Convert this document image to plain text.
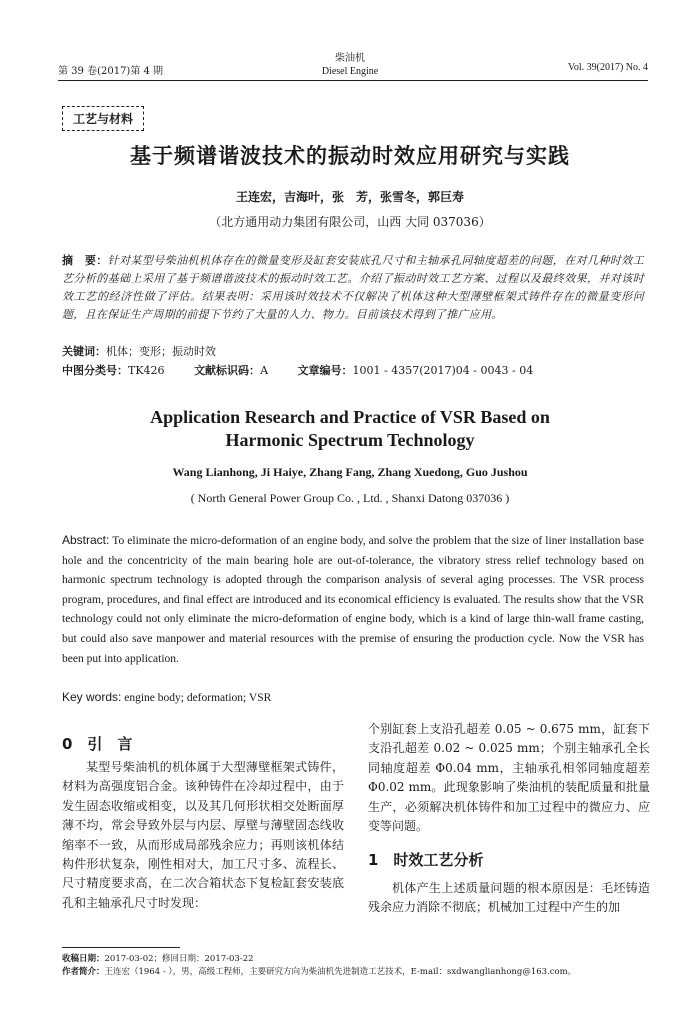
第 39 卷(2017)第 4 期
柴油机
Diesel Engine	Vol. 39(2017) No. 4
工艺与材料
基于频谱谐波技术的振动时效应用研究与实践
王连宏，吉海叶，张　芳，张雪冬，郭巨寿
（北方通用动力集团有限公司，山西 大同 037036）
摘　要：针对某型号柴油机机体存在的微量变形及缸套安装底孔尺寸和主轴承孔同轴度超差的问题，在对几种时效工艺分析的基础上采用了基于频谱谐波技术的振动时效工艺。介绍了振动时效工艺方案、过程以及最终效果，并对该时效工艺的经济性做了评估。结果表明：采用该时效技术不仅解决了机体这种大型薄壁框架式铸件存在的微量变形问题，且在保证生产周期的前提下节约了大量的人力、物力。目前该技术得到了推广应用。
关键词：机体；变形；振动时效
中图分类号：TK426	文献标识码：A	文章编号：1001 - 4357(2017)04 - 0043 - 04
Application Research and Practice of VSR Based on
Harmonic Spectrum Technology
Wang Lianhong, Ji Haiye, Zhang Fang, Zhang Xuedong, Guo Jushou
( North General Power Group Co. , Ltd. , Shanxi Datong 037036 )
Abstract: To eliminate the micro-deformation of an engine body, and solve the problem that the size of liner installation base hole and the concentricity of the main bearing hole are out-of-tolerance, the vibratory stress relief technology based on harmonic spectrum technology is adopted through the comparison analysis of several aging processes. The VSR process program, procedures, and final effect are introduced and its economical efficiency is evaluated. The results show that the VSR technology could not only eliminate the micro-deformation of engine body, which is a kind of large thin-wall frame casting, but could also save manpower and material resources with the premise of ensuring the production cycle. Now the VSR has been put into application.
Key words: engine body; deformation; VSR
0　引　言
某型号柴油机的机体属于大型薄壁框架式铸件，材料为高强度铝合金。该种铸件在冷却过程中，由于发生固态收缩或相变，以及其几何形状相交处断面厚薄不均，常会导致外层与内层、厚壁与薄壁固态线收缩率不一致，从而形成局部残余应力；再则该机体结构件形状复杂，刚性相对大，加工尺寸多、流程长、尺寸精度要求高，在二次合箱状态下复检缸套安装底孔和主轴承孔尺寸时发现：
个别缸套上支沿孔超差 0.05 ~ 0.675 mm，缸套下支沿孔超差 0.02 ~ 0.025 mm；个别主轴承孔全长同轴度超差 Φ0.04 mm，主轴承孔相邻同轴度超差 Φ0.02 mm。此现象影响了柴油机的装配质量和批量生产，必须解决机体铸件和加工过程中的微应力、应变等问题。
1　时效工艺分析
机体产生上述质量问题的根本原因是：毛坯铸造残余应力消除不彻底；机械加工过程中产生的加
收稿日期：2017-03-02；修回日期：2017-03-22
作者简介：王连宏（1964 - ），男，高级工程师，主要研究方向为柴油机先进制造工艺技术，E-mail：sxdwanglianhong@163.com。
